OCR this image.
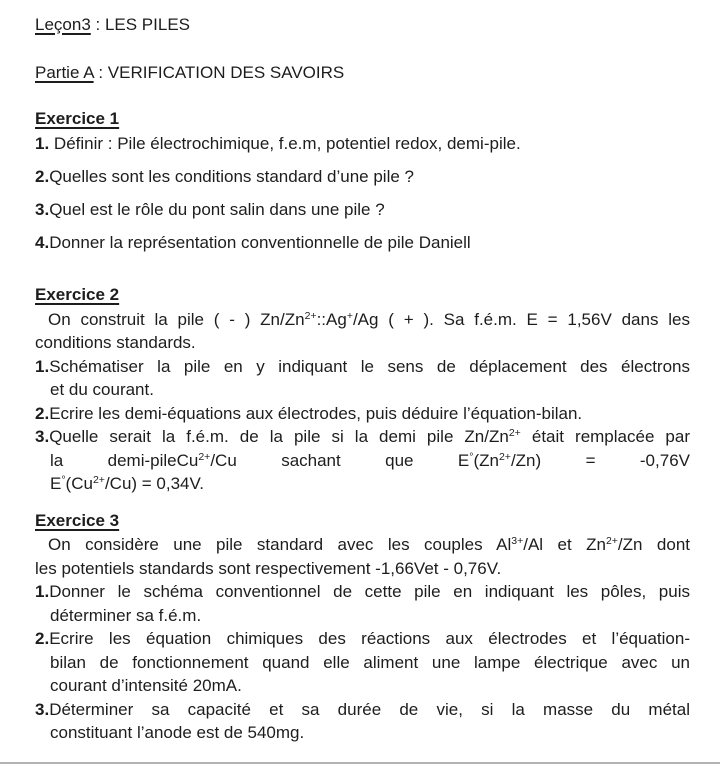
Leçon3 : LES PILES
Partie A : VERIFICATION DES SAVOIRS
Exercice 1
1. Définir : Pile électrochimique, f.e.m, potentiel redox, demi-pile.
2.Quelles sont les conditions standard d’une pile ?
3.Quel est le rôle du pont salin dans une pile ?
4.Donner la représentation conventionnelle de pile Daniell
Exercice 2
On construit la pile ( - ) $Zn/Zn^{2+}::Ag^+/Ag$ ( + ). Sa f.é.m. E = 1,56V dans les
conditions standards.
1.Schématiser la pile en y indiquant le sens de déplacement des électrons
et du courant.
2.Ecrire les demi-équations aux électrodes, puis déduire l’équation-bilan.
3.Quelle serait la f.é.m. de la pile si la demi pile $Zn/Zn^{2+}$ était remplacée par
la demi-pileCu$^{2+}$/Cu sachant que $E^\circ(Zn^{2+}/Zn) = -0,76V$
$E^\circ(Cu^{2+}/Cu) = 0,34V$.
Exercice 3
On considère une pile standard avec les couples $Al^{3+}/Al$ et $Zn^{2+}/Zn$ dont
les potentiels standards sont respectivement -1,66Vet - 0,76V.
1.Donner le schéma conventionnel de cette pile en indiquant les pôles, puis
déterminer sa f.é.m.
2.Ecrire les équation chimiques des réactions aux électrodes et l’équation-
bilan de fonctionnement quand elle aliment une lampe électrique avec un
courant d’intensité 20mA.
3.Déterminer sa capacité et sa durée de vie, si la masse du métal
constituant l’anode est de 540mg.
